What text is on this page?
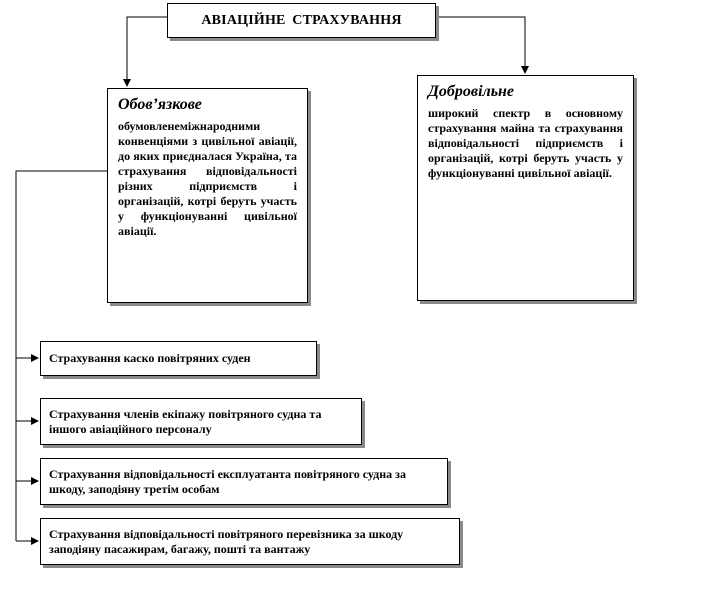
АВІАЦІЙНЕ СТРАХУВАННЯ
Обов’язкове
обумовленеміжнародними конвенціями з цивільної авіації, до яких приєдналася Україна, та страхування відповідальності різних підприємств і організацій, котрі беруть участь у функціонуванні цивільної авіації.
Добровільне
широкий спектр в основному страхування майна та страхування відповідальності підприємств і організацій, котрі беруть участь у функціонуванні цивільної авіації.
Страхування каско повітряних суден
Страхування членів екіпажу повітряного судна та іншого авіаційного персоналу
Страхування відповідальності експлуатанта повітряного судна за шкоду, заподіяну третім особам
Страхування відповідальності повітряного перевізника за шкоду заподіяну пасажирам, багажу, пошті та вантажу
